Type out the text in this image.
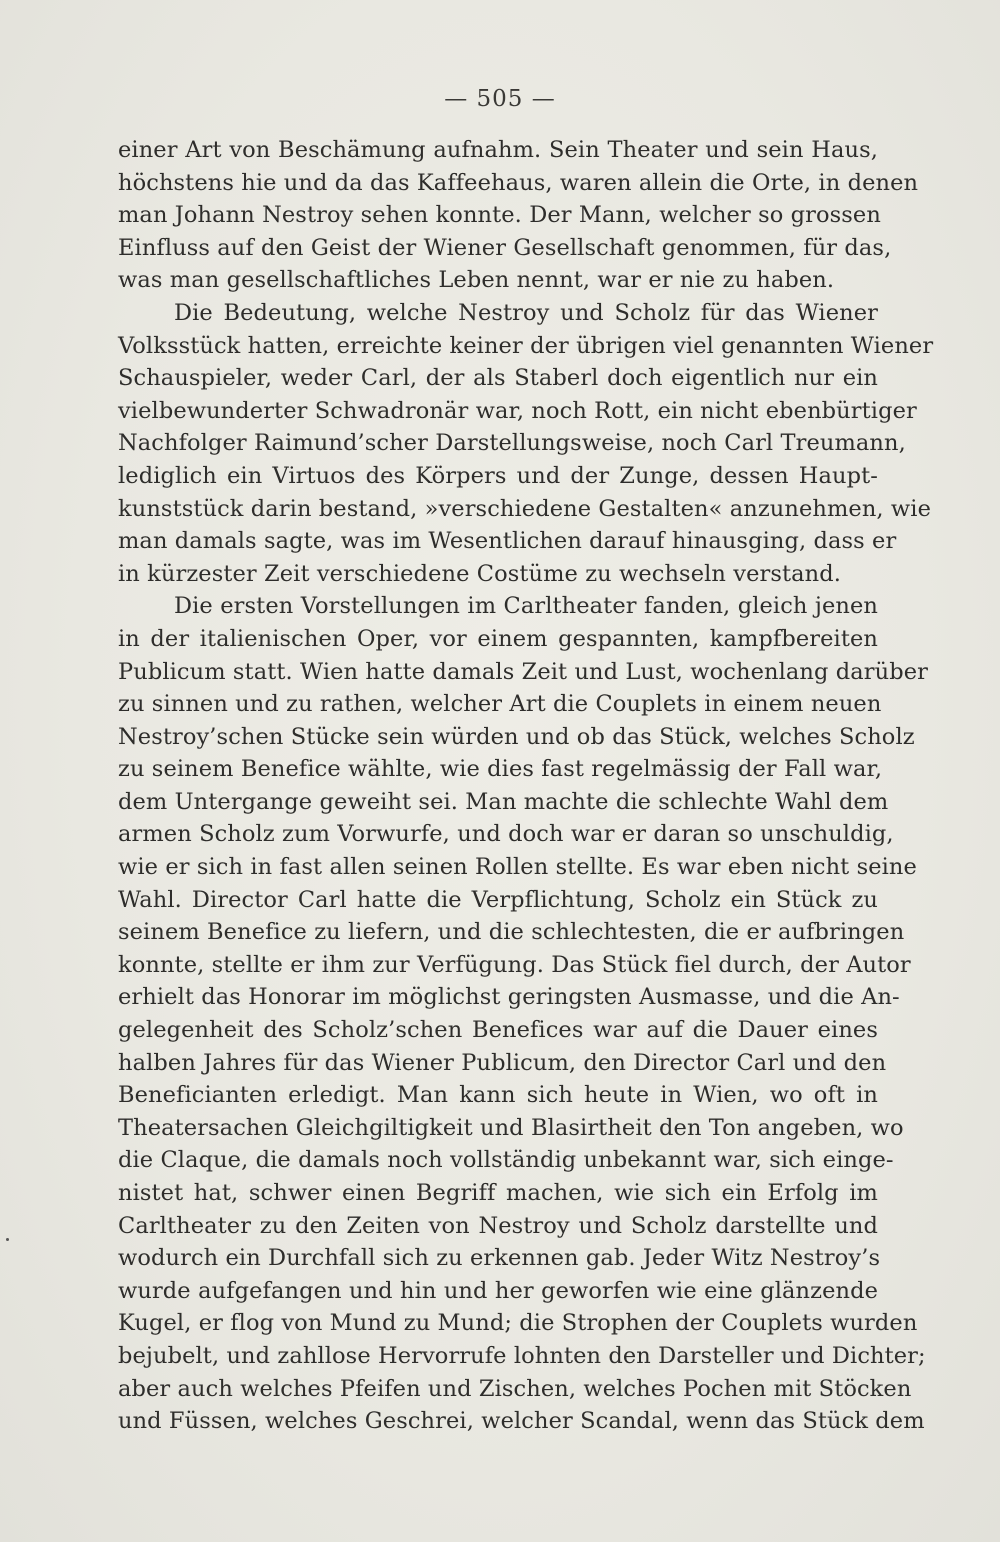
— 505 —
einer Art von Beschämung aufnahm. Sein Theater und sein Haus,
höchstens hie und da das Kaffeehaus, waren allein die Orte, in denen
man Johann Nestroy sehen konnte. Der Mann, welcher so grossen
Einfluss auf den Geist der Wiener Gesellschaft genommen, für das,
was man gesellschaftliches Leben nennt, war er nie zu haben.
Die Bedeutung, welche Nestroy und Scholz für das Wiener
Volksstück hatten, erreichte keiner der übrigen viel genannten Wiener
Schauspieler, weder Carl, der als Staberl doch eigentlich nur ein
vielbewunderter Schwadronär war, noch Rott, ein nicht ebenbürtiger
Nachfolger Raimund’scher Darstellungsweise, noch Carl Treumann,
lediglich ein Virtuos des Körpers und der Zunge, dessen Haupt-
kunststück darin bestand, »verschiedene Gestalten« anzunehmen, wie
man damals sagte, was im Wesentlichen darauf hinausging, dass er
in kürzester Zeit verschiedene Costüme zu wechseln verstand.
Die ersten Vorstellungen im Carltheater fanden, gleich jenen
in der italienischen Oper, vor einem gespannten, kampfbereiten
Publicum statt. Wien hatte damals Zeit und Lust, wochenlang darüber
zu sinnen und zu rathen, welcher Art die Couplets in einem neuen
Nestroy’schen Stücke sein würden und ob das Stück, welches Scholz
zu seinem Benefice wählte, wie dies fast regelmässig der Fall war,
dem Untergange geweiht sei. Man machte die schlechte Wahl dem
armen Scholz zum Vorwurfe, und doch war er daran so unschuldig,
wie er sich in fast allen seinen Rollen stellte. Es war eben nicht seine
Wahl. Director Carl hatte die Verpflichtung, Scholz ein Stück zu
seinem Benefice zu liefern, und die schlechtesten, die er aufbringen
konnte, stellte er ihm zur Verfügung. Das Stück fiel durch, der Autor
erhielt das Honorar im möglichst geringsten Ausmasse, und die An-
gelegenheit des Scholz’schen Benefices war auf die Dauer eines
halben Jahres für das Wiener Publicum, den Director Carl und den
Beneficianten erledigt. Man kann sich heute in Wien, wo oft in
Theatersachen Gleichgiltigkeit und Blasirtheit den Ton angeben, wo
die Claque, die damals noch vollständig unbekannt war, sich einge-
nistet hat, schwer einen Begriff machen, wie sich ein Erfolg im
Carltheater zu den Zeiten von Nestroy und Scholz darstellte und
wodurch ein Durchfall sich zu erkennen gab. Jeder Witz Nestroy’s
wurde aufgefangen und hin und her geworfen wie eine glänzende
Kugel, er flog von Mund zu Mund; die Strophen der Couplets wurden
bejubelt, und zahllose Hervorrufe lohnten den Darsteller und Dichter;
aber auch welches Pfeifen und Zischen, welches Pochen mit Stöcken
und Füssen, welches Geschrei, welcher Scandal, wenn das Stück dem
